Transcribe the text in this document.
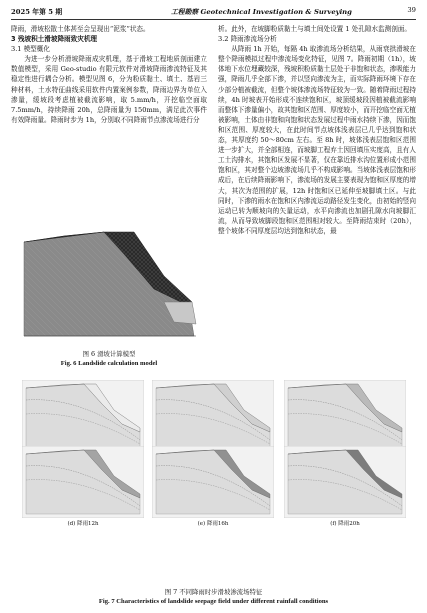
2025 年第 5 期	工程勘察 Geotechnical Investigation & Surveying	39

降雨，滑坡松散土体甚至会呈现出“泥浆”状态。

3 残坡积土滑坡降雨致灾机理

3.1 模型概化

为进一步分析滑坡降雨成灾机理，基于滑坡工程地质剖面建立数值模型，采用 Geo-studio 有限元软件对滑坡降雨渗流特征及其稳定性进行耦合分析。模型见图 6，分为粉质黏土、填土、基岩三种材料，土水特征曲线采用软件内置案例参数，降雨边界为单位入渗量，缓坡段考虑植被截流影响，取 5.mm/h，开挖临空面取 7.5mm/h，持续降雨 20h，总降雨量为 150mm，满足此次事件有效降雨量。降雨时步为 1h，分别取不同降雨节点渗流场进行分

图 6 滑坡计算模型
Fig. 6 Landslide calculation model

析。此外，在坡脚粉质黏土与填土间处设置 1 处孔隙水监测剖面。

3.2 降雨渗流场分析

从降雨 1h 开始，每隔 4h 取渗流场分析结果，从雨衰拱滑坡在整个降雨模拟过程中渗流场变化特征，见图 7。降雨初期（1h），坡体地下水位埋藏较深，残坡积粉质黏土层处于非饱和状态，渗吸能力强，降雨几乎全部下渗，并以竖向渗流为主，而实际降雨环境下存在少部分植被截流，但整个坡体渗流场特征较为一致。随着降雨过程持续，4h 时坡表开始形成不连续饱和区，坡顶缓坡段因植被截流影响而整体下渗量偏小，故其饱和区范围、厚度较小，而开挖临空面无植被影响，土体由非饱和向饱和状态发展过程中雨水持续下渗，因而饱和区范围、厚度较大，在此时间节点坡体浅表层已几乎达到饱和状态，其厚度约 50～80cm 左右。至 8h 时，坡体浅表层饱和区范围进一步扩大，并全部相连，而坡脚工程弃土因回填压实度高，且有人工土沟排水，其饱和区发展不显著，仅在靠近排水沟位置形成小范围饱和区，其对整个边坡渗流场几乎不构成影响。当坡体浅表层饱和形成后，在后续降雨影响下，渗流场的发展主要表现为饱和区厚度的增大，其次为范围的扩展，12h 时饱和区已延伸至坡脚填土区。与此同时，下渗的雨水在饱和区内渗流运动路径发生变化，由初始的竖向运动已转为顺坡向的矢量运动，水平向渗流也加剧孔隙水向坡脚汇流，从而导致坡脚段饱和区范围相对较大。至降雨结束时（20h），整个坡体不同厚度层均达到饱和状态，最

(d) 降雨12h	(e) 降雨16h	(f) 降雨20h
图 7 不同降雨时步滑坡渗流场特征
Fig. 7 Characteristics of landslide seepage field under different rainfall conditions
